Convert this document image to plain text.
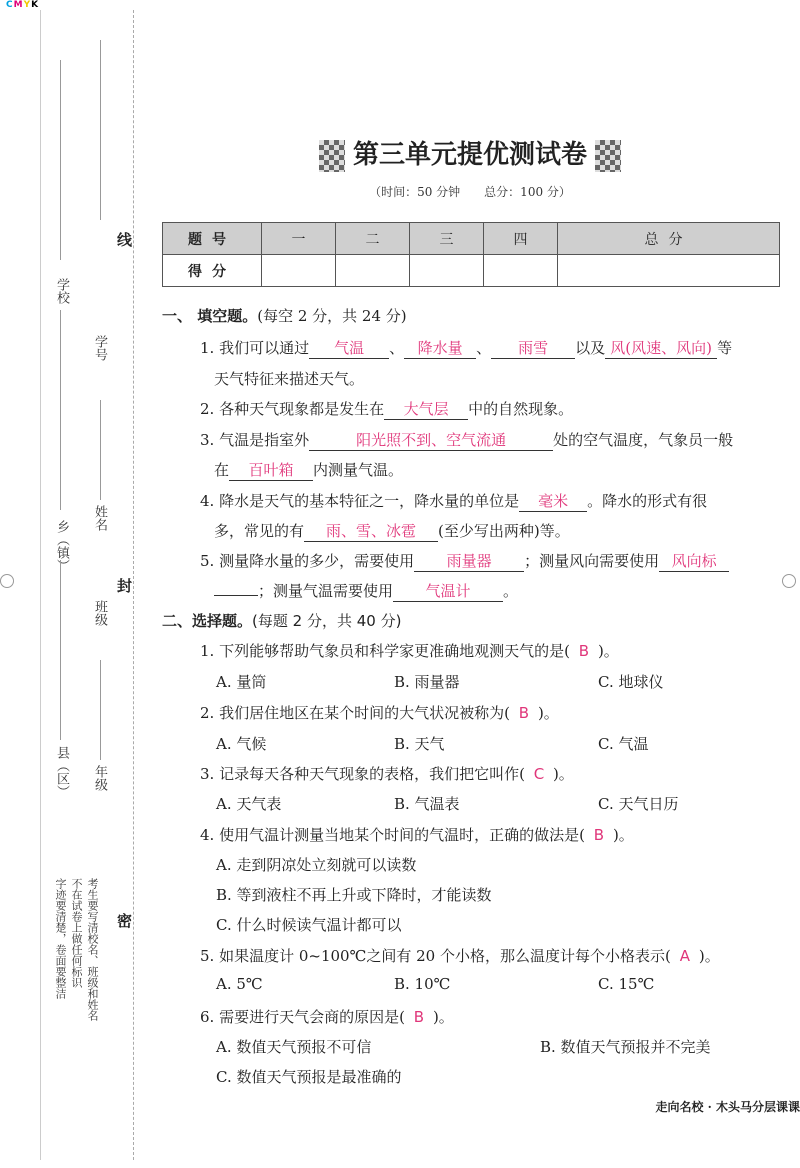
CMYK
线
封
密
学校
学号
乡（镇）
姓名
班级
县（区） 年级
考生要写清校名、班级和姓名
不在试卷上做任何标识
字迹要清楚，卷面要整洁
第三单元提优测试卷
（时间：50 分钟　　总分：100 分）
题号	一	二	三	四	总分
得分					
一、 填空题。(每空 2 分，共 24 分)
1. 我们可以通过 气温 、 降水量 、 雨雪 以及 风(风速、风向) 等
天气特征来描述天气。
2. 各种天气现象都是发生在 大气层 中的自然现象。
3. 气温是指室外	阳光照不到、空气流通	处的空气温度，气象员一般
在 百叶箱 内测量气温。
4. 降水是天气的基本特征之一，降水量的单位是 毫米 。降水的形式有很
多，常见的有 雨、雪、冰雹 (至少写出两种)等。
5. 测量降水量的多少，需要使用 雨量器 ；测量风向需要使用 风向标
；测量气温需要使用 气温计 。
二、选择题。(每题 2 分，共 40 分)
1. 下列能够帮助气象员和科学家更准确地观测天气的是( B )。
A. 量筒	B. 雨量器	C. 地球仪
2. 我们居住地区在某个时间的大气状况被称为( B )。
A. 气候	B. 天气	C. 气温
3. 记录每天各种天气现象的表格，我们把它叫作( C )。
A. 天气表	B. 气温表	C. 天气日历
4. 使用气温计测量当地某个时间的气温时，正确的做法是( B )。
A. 走到阴凉处立刻就可以读数
B. 等到液柱不再上升或下降时，才能读数
C. 什么时候读气温计都可以
5. 如果温度计 0~100℃之间有 20 个小格，那么温度计每个小格表示( A )。
A. 5℃	B. 10℃	C. 15℃
6. 需要进行天气会商的原因是( B )。
A. 数值天气预报不可信	B. 数值天气预报并不完美
C. 数值天气预报是最准确的
走向名校 · 木头马分层课课
